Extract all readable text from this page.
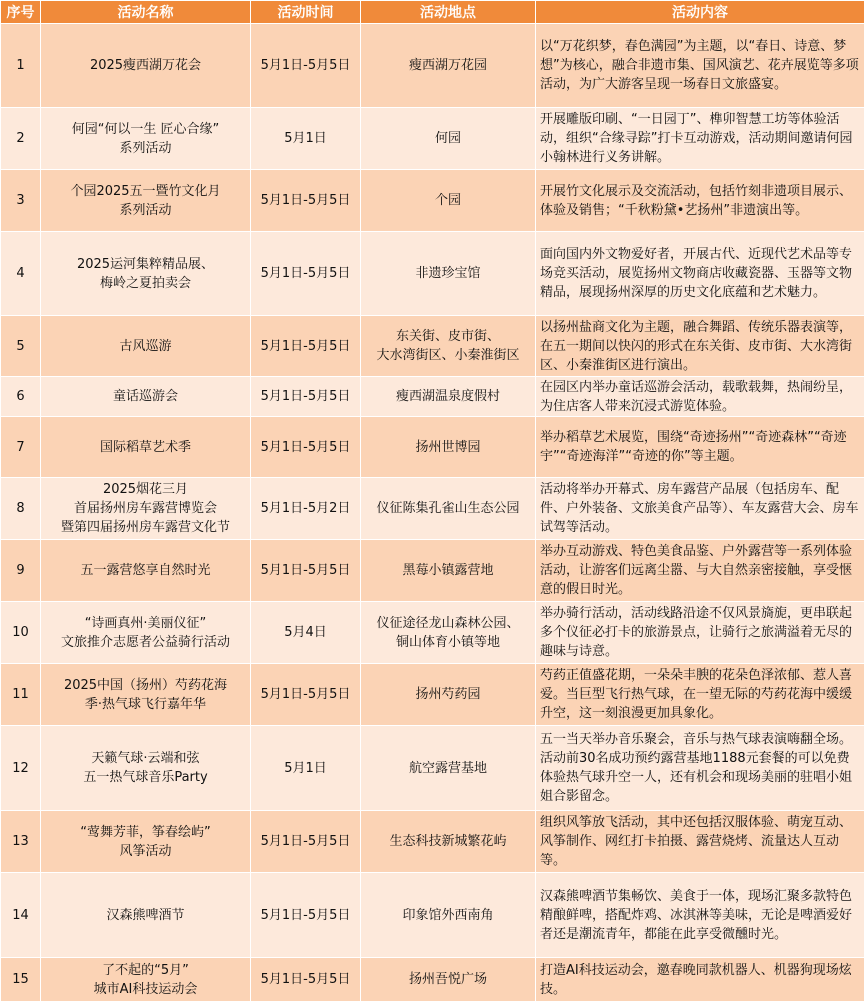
序号	活动名称	活动时间	活动地点	活动内容
1	2025瘦西湖万花会	5月1日-5月5日	瘦西湖万花园	以“万花织梦，春色满园”为主题，以“春日、诗意、梦想”为核心，融合非遗市集、国风演艺、花卉展览等多项活动，为广大游客呈现一场春日文旅盛宴。
2	何园“何以一生 匠心合缘”
系列活动	5月1日	何园	开展雕版印刷、“一日园丁”、榫卯智慧工坊等体验活动，组织“合缘寻踪”打卡互动游戏，活动期间邀请何园小翰林进行义务讲解。
3	个园2025五一暨竹文化月
系列活动	5月1日-5月5日	个园	开展竹文化展示及交流活动，包括竹刻非遗项目展示、体验及销售；“千秋粉黛•艺扬州”非遗演出等。
4	2025运河集粹精品展、
梅岭之夏拍卖会	5月1日-5月5日	非遗珍宝馆	面向国内外文物爱好者，开展古代、近现代艺术品等专场竞买活动，展览扬州文物商店收藏瓷器、玉器等文物精品，展现扬州深厚的历史文化底蕴和艺术魅力。
5	古风巡游	5月1日-5月5日	东关街、皮市街、
大水湾街区、小秦淮街区	以扬州盐商文化为主题，融合舞蹈、传统乐器表演等，在五一期间以快闪的形式在东关街、皮市街、大水湾街区、小秦淮街区进行演出。
6	童话巡游会	5月1日-5月5日	瘦西湖温泉度假村	在园区内举办童话巡游会活动，载歌载舞，热闹纷呈，为住店客人带来沉浸式游览体验。
7	国际稻草艺术季	5月1日-5月5日	扬州世博园	举办稻草艺术展览，围绕“奇迹扬州”“奇迹森林”“奇迹宇”“奇迹海洋”“奇迹的你”等主题。
8	2025烟花三月
首届扬州房车露营博览会
暨第四届扬州房车露营文化节	5月1日-5月2日	仪征陈集孔雀山生态公园	活动将举办开幕式、房车露营产品展（包括房车、配件、户外装备、文旅美食产品等）、车友露营大会、房车试驾等活动。
9	五一露营悠享自然时光	5月1日-5月5日	黑莓小镇露营地	举办互动游戏、特色美食品鉴、户外露营等一系列体验活动，让游客们远离尘嚣、与大自然亲密接触，享受惬意的假日时光。
10	“诗画真州·美丽仪征”
文旅推介志愿者公益骑行活动	5月4日	仪征途径龙山森林公园、
铜山体育小镇等地	举办骑行活动，活动线路沿途不仅风景旖旎，更串联起多个仪征必打卡的旅游景点，让骑行之旅满溢着无尽的趣味与诗意。
11	2025中国（扬州）芍药花海
季·热气球飞行嘉年华	5月1日-5月5日	扬州芍药园	芍药正值盛花期，一朵朵丰腴的花朵色泽浓郁、惹人喜爱。当巨型飞行热气球，在一望无际的芍药花海中缓缓升空，这一刻浪漫更加具象化。
12	天籁气球·云端和弦
五一热气球音乐Party	5月1日	航空露营基地	五一当天举办音乐聚会，音乐与热气球表演嗨翻全场。活动前30名成功预约露营基地1188元套餐的可以免费体验热气球升空一人，还有机会和现场美丽的驻唱小姐姐合影留念。
13	“莺舞芳菲，筝春绘屿”
风筝活动	5月1日-5月5日	生态科技新城繁花屿	组织风筝放飞活动，其中还包括汉服体验、萌宠互动、风筝制作、网红打卡拍摄、露营烧烤、流量达人互动等。
14	汉森熊啤酒节	5月1日-5月5日	印象馆外西南角	汉森熊啤酒节集畅饮、美食于一体，现场汇聚多款特色精酿鲜啤，搭配炸鸡、冰淇淋等美味，无论是啤酒爱好者还是潮流青年，都能在此享受微醺时光。
15	了不起的“5月”
城市AI科技运动会	5月1日-5月5日	扬州吾悦广场	打造AI科技运动会，邀春晚同款机器人、机器狗现场炫技。
